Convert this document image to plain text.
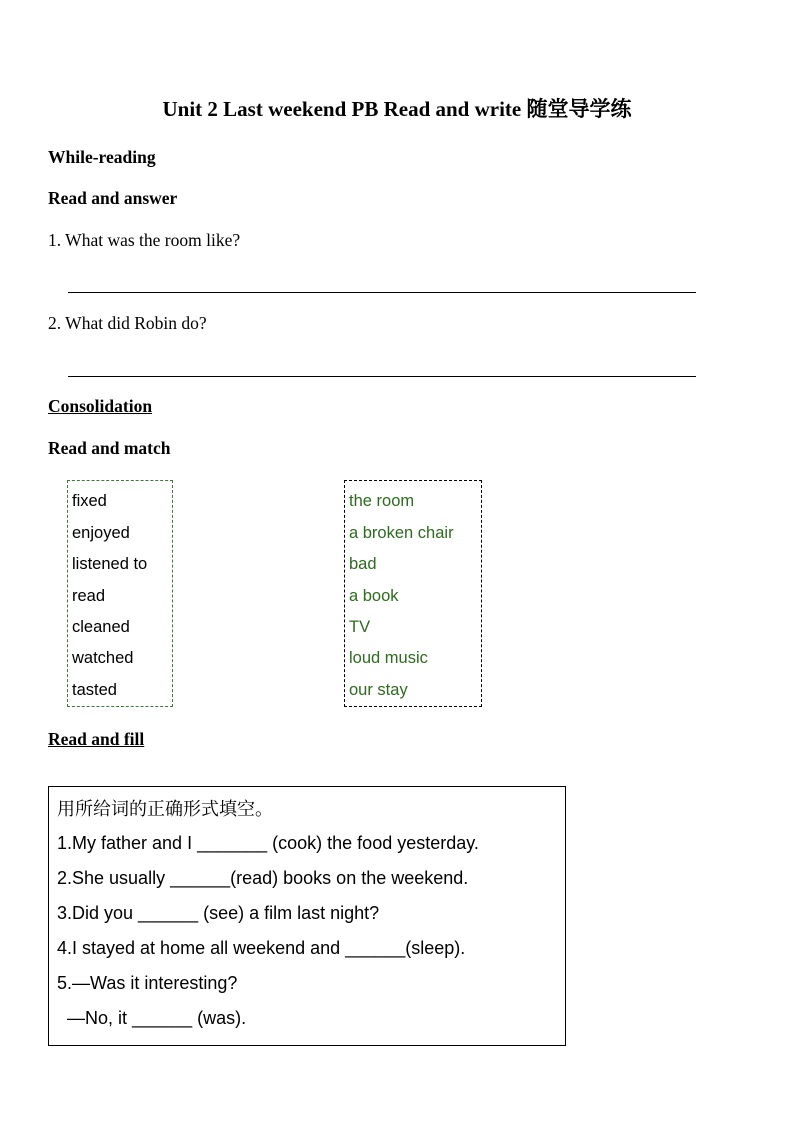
Unit 2 Last weekend PB Read and write 随堂导学练
While-reading
Read and answer
1. What was the room like?
2. What did Robin do?
Consolidation
Read and match
fixed
enjoyed
listened to
read
cleaned
watched
tasted
the room
a broken chair
bad
a book
TV
loud music
our stay
Read and fill
用所给词的正确形式填空。
1.My father and I _______ (cook) the food yesterday.
2.She usually ______(read) books on the weekend.
3.Did you ______ (see) a film last night?
4.I stayed at home all weekend and ______(sleep).
5.—Was it interesting?
—No, it ______ (was).
